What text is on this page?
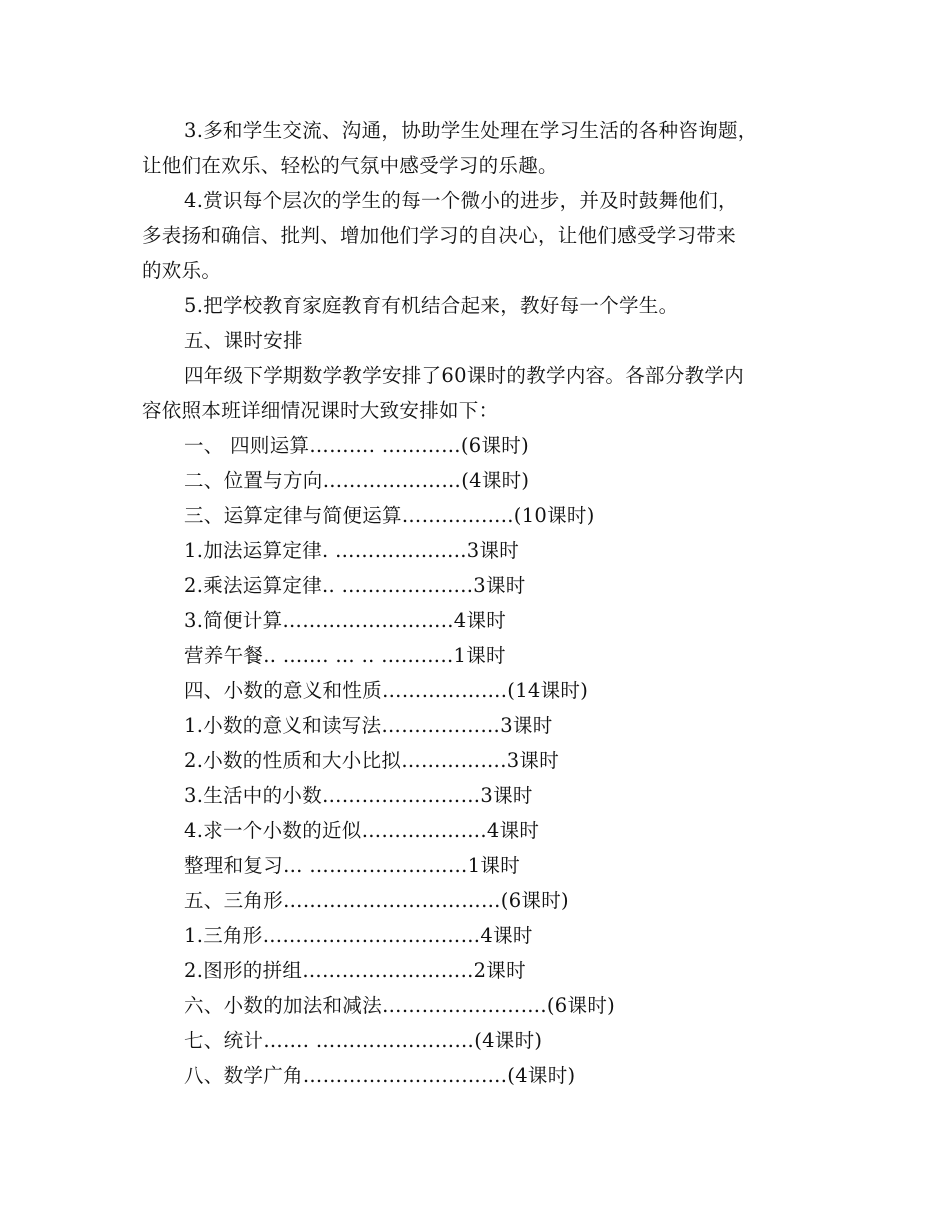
3.多和学生交流、沟通，协助学生处理在学习生活的各种咨询题，
让他们在欢乐、轻松的气氛中感受学习的乐趣。
4.赏识每个层次的学生的每一个微小的进步，并及时鼓舞他们，
多表扬和确信、批判、增加他们学习的自决心，让他们感受学习带来
的欢乐。
5.把学校教育家庭教育有机结合起来，教好每一个学生。
五、课时安排
四年级下学期数学教学安排了60课时的教学内容。各部分教学内
容依照本班详细情况课时大致安排如下：
一、 四则运算………. …………(6课时)
二、位置与方向…………………(4课时)
三、运算定律与简便运算……………..(10课时)
1.加法运算定律. ………………..3课时
2.乘法运算定律.. ………………..3课时
3.简便计算……………………..4课时
营养午餐.. ……. … .. ………..1课时
四、小数的意义和性质……………….(14课时)
1.小数的意义和读写法………………3课时
2.小数的性质和大小比拟…………….3课时
3.生活中的小数……………………3课时
4.求一个小数的近似……………….4课时
整理和复习… ……………………1课时
五、三角形……………………………(6课时)
1.三角形……………………………4课时
2.图形的拼组……………………..2课时
六、小数的加法和减法…………………….(6课时)
七、统计……. ……………………(4课时)
八、数学广角………………………….(4课时)
